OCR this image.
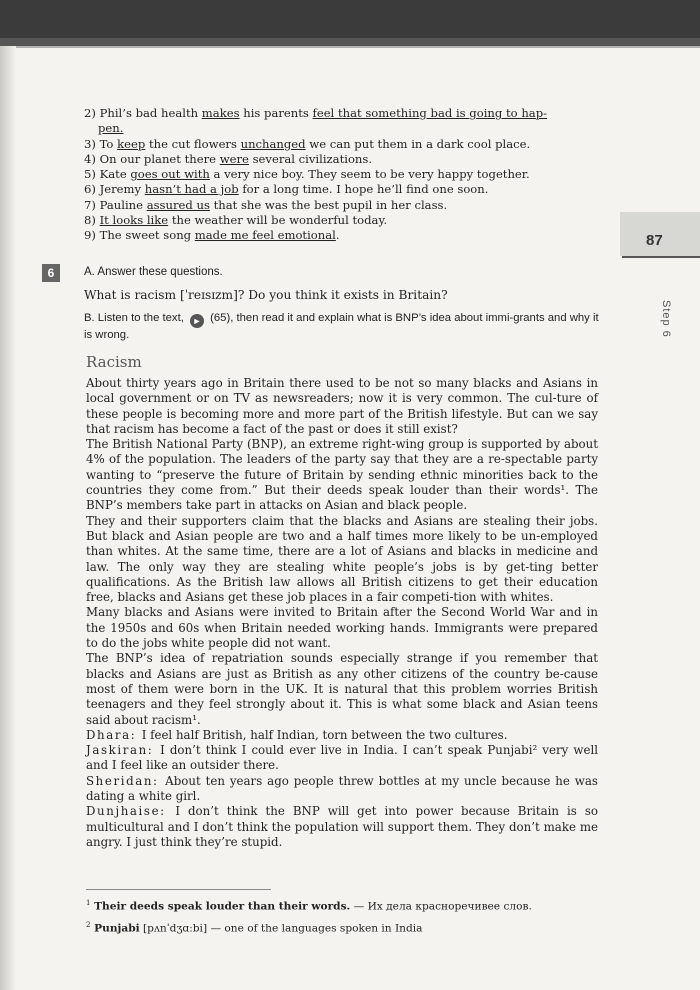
2) Phil’s bad health makes his parents feel that something bad is going to hap-
pen.
3) To keep the cut flowers unchanged we can put them in a dark cool place.
4) On our planet there were several civilizations.
5) Kate goes out with a very nice boy. They seem to be very happy together.
6) Jeremy hasn’t had a job for a long time. I hope he’ll find one soon.
7) Pauline assured us that she was the best pupil in her class.
8) It looks like the weather will be wonderful today.
9) The sweet song made me feel emotional.	87
Step 6
6	A. Answer these questions.
What is racism [ˈreɪsɪzm]? Do you think it exists in Britain?
B. Listen to the text, ► (65), then read it and explain what is BNP’s idea about immi-grants and why it is wrong.
Racism

About thirty years ago in Britain there used to be not so many blacks and Asians in local government or on TV as newsreaders; now it is very common. The cul-ture of these people is becoming more and more part of the British lifestyle. But can we say that racism has become a fact of the past or does it still exist?

The British National Party (BNP), an extreme right-wing group is supported by about 4% of the population. The leaders of the party say that they are a re-spectable party wanting to “preserve the future of Britain by sending ethnic minorities back to the countries they come from.” But their deeds speak louder than their words¹. The BNP’s members take part in attacks on Asian and black people.

They and their supporters claim that the blacks and Asians are stealing their jobs. But black and Asian people are two and a half times more likely to be un-employed than whites. At the same time, there are a lot of Asians and blacks in medicine and law. The only way they are stealing white people’s jobs is by get-ting better qualifications. As the British law allows all British citizens to get their education free, blacks and Asians get these job places in a fair competi-tion with whites.

Many blacks and Asians were invited to Britain after the Second World War and in the 1950s and 60s when Britain needed working hands. Immigrants were prepared to do the jobs white people did not want.

The BNP’s idea of repatriation sounds especially strange if you remember that blacks and Asians are just as British as any other citizens of the country be-cause most of them were born in the UK. It is natural that this problem worries British teenagers and they feel strongly about it. This is what some black and Asian teens said about racism¹.

Dhara: I feel half British, half Indian, torn between the two cultures.

Jaskiran: I don’t think I could ever live in India. I can’t speak Punjabi² very well and I feel like an outsider there.

Sheridan: About ten years ago people threw bottles at my uncle because he was dating a white girl.

Dunjhaise: I don’t think the BNP will get into power because Britain is so multicultural and I don’t think the population will support them. They don’t make me angry. I just think they’re stupid.

$^1$ Their deeds speak louder than their words. — Их дела красноречивее слов.

$^2$ Punjabi [pʌnˈdʒɑːbi] — one of the languages spoken in India
